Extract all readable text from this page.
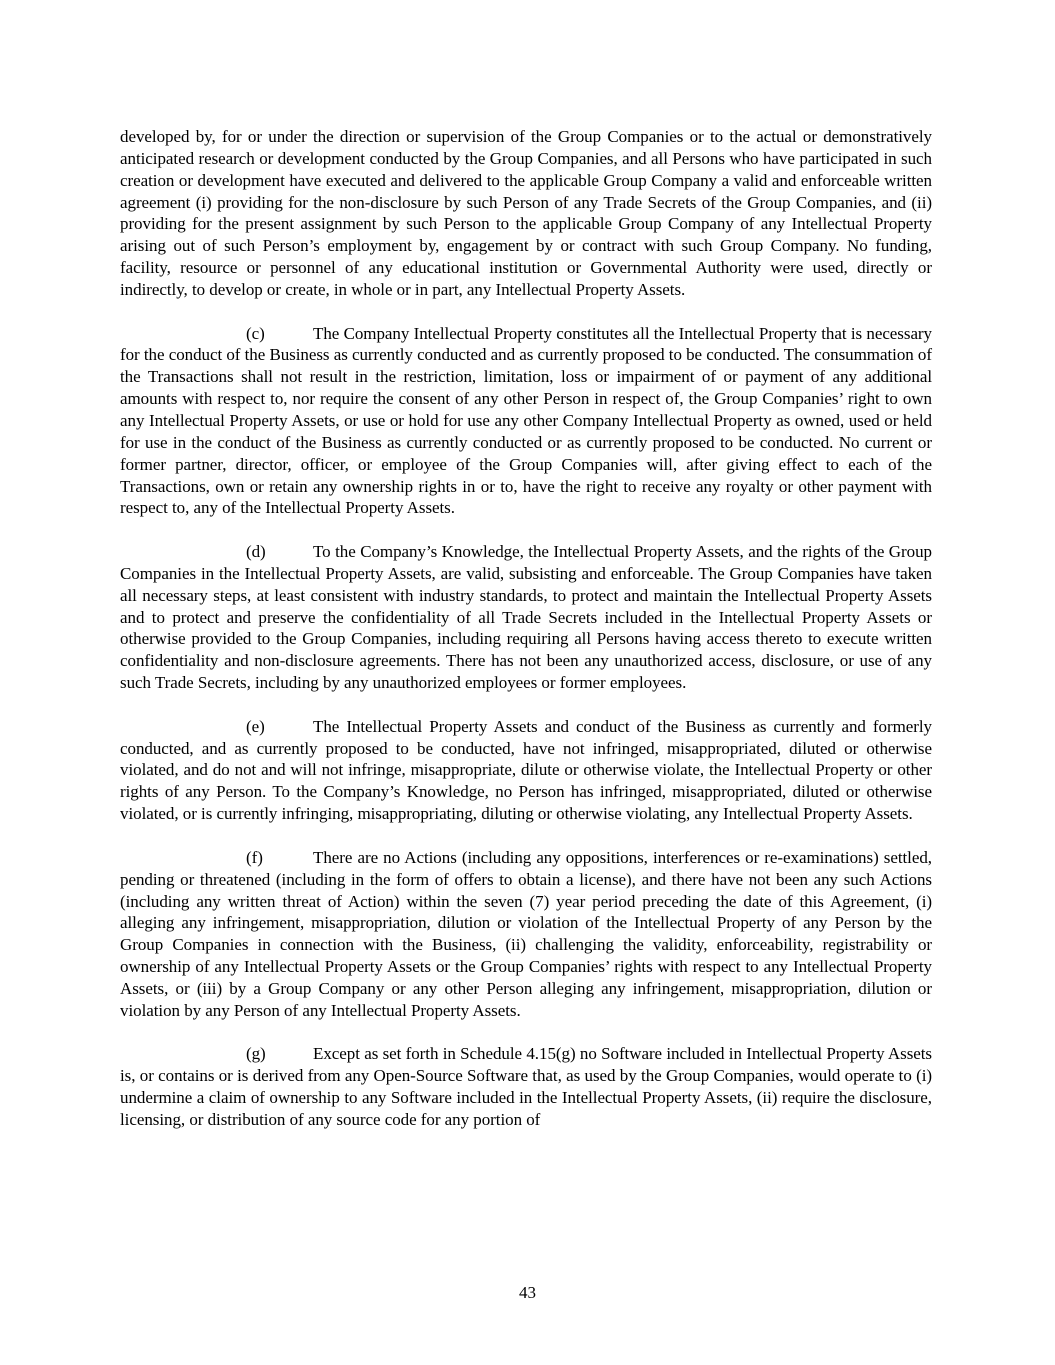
developed by, for or under the direction or supervision of the Group Companies or to the actual or demonstratively anticipated research or development conducted by the Group Companies, and all Persons who have participated in such creation or development have executed and delivered to the applicable Group Company a valid and enforceable written agreement (i) providing for the non-disclosure by such Person of any Trade Secrets of the Group Companies, and (ii) providing for the present assignment by such Person to the applicable Group Company of any Intellectual Property arising out of such Person’s employment by, engagement by or contract with such Group Company. No funding, facility, resource or personnel of any educational institution or Governmental Authority were used, directly or indirectly, to develop or create, in whole or in part, any Intellectual Property Assets.

(c)	The Company Intellectual Property constitutes all the Intellectual Property that is necessary for the conduct of the Business as currently conducted and as currently proposed to be conducted. The consummation of the Transactions shall not result in the restriction, limitation, loss or impairment of or payment of any additional amounts with respect to, nor require the consent of any other Person in respect of, the Group Companies’ right to own any Intellectual Property Assets, or use or hold for use any other Company Intellectual Property as owned, used or held for use in the conduct of the Business as currently conducted or as currently proposed to be conducted. No current or former partner, director, officer, or employee of the Group Companies will, after giving effect to each of the Transactions, own or retain any ownership rights in or to, have the right to receive any royalty or other payment with respect to, any of the Intellectual Property Assets.

(d)	To the Company’s Knowledge, the Intellectual Property Assets, and the rights of the Group Companies in the Intellectual Property Assets, are valid, subsisting and enforceable. The Group Companies have taken all necessary steps, at least consistent with industry standards, to protect and maintain the Intellectual Property Assets and to protect and preserve the confidentiality of all Trade Secrets included in the Intellectual Property Assets or otherwise provided to the Group Companies, including requiring all Persons having access thereto to execute written confidentiality and non-disclosure agreements. There has not been any unauthorized access, disclosure, or use of any such Trade Secrets, including by any unauthorized employees or former employees.

(e)	The Intellectual Property Assets and conduct of the Business as currently and formerly conducted, and as currently proposed to be conducted, have not infringed, misappropriated, diluted or otherwise violated, and do not and will not infringe, misappropriate, dilute or otherwise violate, the Intellectual Property or other rights of any Person. To the Company’s Knowledge, no Person has infringed, misappropriated, diluted or otherwise violated, or is currently infringing, misappropriating, diluting or otherwise violating, any Intellectual Property Assets.

(f)	There are no Actions (including any oppositions, interferences or re-examinations) settled, pending or threatened (including in the form of offers to obtain a license), and there have not been any such Actions (including any written threat of Action) within the seven (7) year period preceding the date of this Agreement, (i) alleging any infringement, misappropriation, dilution or violation of the Intellectual Property of any Person by the Group Companies in connection with the Business, (ii) challenging the validity, enforceability, registrability or ownership of any Intellectual Property Assets or the Group Companies’ rights with respect to any Intellectual Property Assets, or (iii) by a Group Company or any other Person alleging any infringement, misappropriation, dilution or violation by any Person of any Intellectual Property Assets.

(g)	Except as set forth in Schedule 4.15(g) no Software included in Intellectual Property Assets is, or contains or is derived from any Open-Source Software that, as used by the Group Companies, would operate to (i) undermine a claim of ownership to any Software included in the Intellectual Property Assets, (ii) require the disclosure, licensing, or distribution of any source code for any portion of

43
